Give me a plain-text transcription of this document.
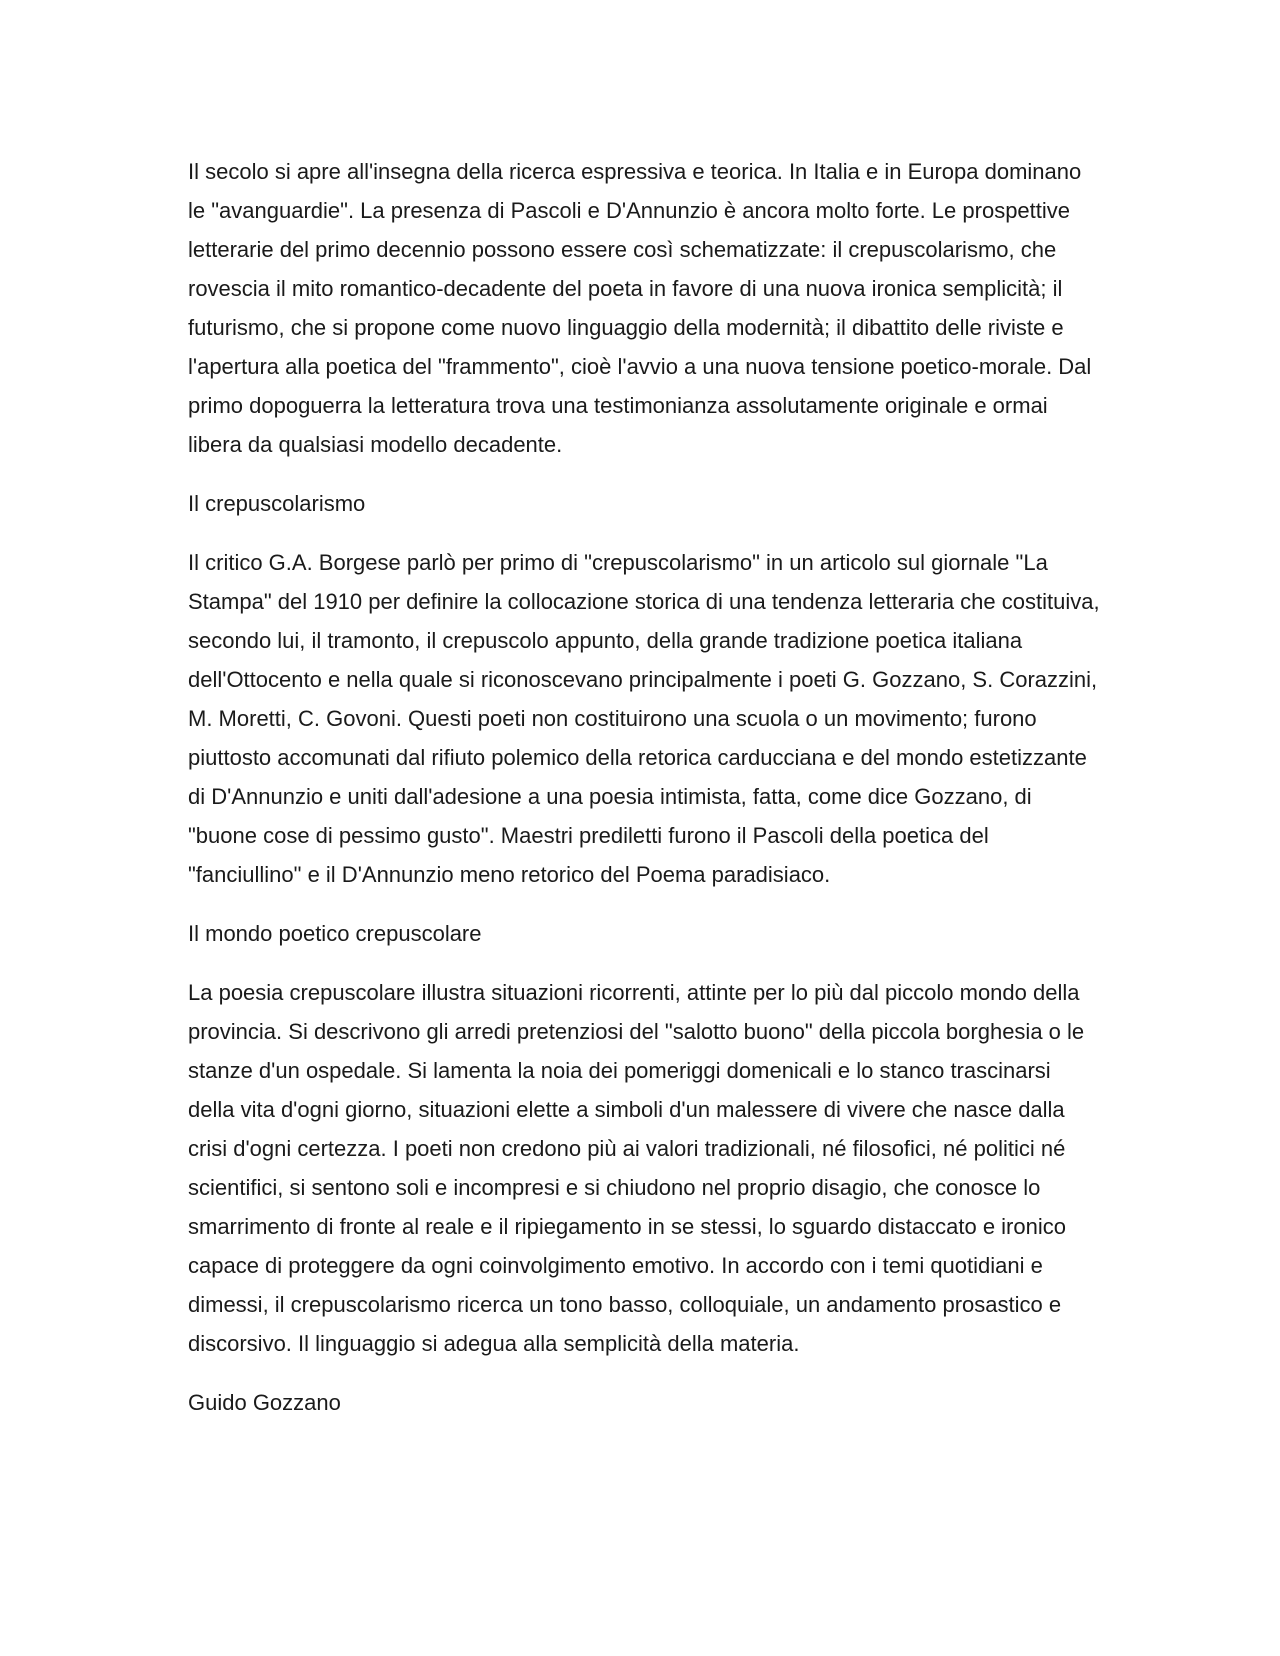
Il secolo si apre all'insegna della ricerca espressiva e teorica. In Italia e in Europa dominano le "avanguardie". La presenza di Pascoli e D'Annunzio è ancora molto forte. Le prospettive letterarie del primo decennio possono essere così schematizzate: il crepuscolarismo, che rovescia il mito romantico-decadente del poeta in favore di una nuova ironica semplicità; il futurismo, che si propone come nuovo linguaggio della modernità; il dibattito delle riviste e l'apertura alla poetica del "frammento", cioè l'avvio a una nuova tensione poetico-morale. Dal primo dopoguerra la letteratura trova una testimonianza assolutamente originale e ormai libera da qualsiasi modello decadente.

Il crepuscolarismo

Il critico G.A. Borgese parlò per primo di "crepuscolarismo" in un articolo sul giornale "La Stampa" del 1910 per definire la collocazione storica di una tendenza letteraria che costituiva, secondo lui, il tramonto, il crepuscolo appunto, della grande tradizione poetica italiana dell'Ottocento e nella quale si riconoscevano principalmente i poeti G. Gozzano, S. Corazzini, M. Moretti, C. Govoni. Questi poeti non costituirono una scuola o un movimento; furono piuttosto accomunati dal rifiuto polemico della retorica carducciana e del mondo estetizzante di D'Annunzio e uniti dall'adesione a una poesia intimista, fatta, come dice Gozzano, di "buone cose di pessimo gusto". Maestri prediletti furono il Pascoli della poetica del "fanciullino" e il D'Annunzio meno retorico del Poema paradisiaco.

Il mondo poetico crepuscolare

La poesia crepuscolare illustra situazioni ricorrenti, attinte per lo più dal piccolo mondo della provincia. Si descrivono gli arredi pretenziosi del "salotto buono" della piccola borghesia o le stanze d'un ospedale. Si lamenta la noia dei pomeriggi domenicali e lo stanco trascinarsi della vita d'ogni giorno, situazioni elette a simboli d'un malessere di vivere che nasce dalla crisi d'ogni certezza. I poeti non credono più ai valori tradizionali, né filosofici, né politici né scientifici, si sentono soli e incompresi e si chiudono nel proprio disagio, che conosce lo smarrimento di fronte al reale e il ripiegamento in se stessi, lo sguardo distaccato e ironico capace di proteggere da ogni coinvolgimento emotivo. In accordo con i temi quotidiani e dimessi, il crepuscolarismo ricerca un tono basso, colloquiale, un andamento prosastico e discorsivo. Il linguaggio si adegua alla semplicità della materia.

Guido Gozzano
